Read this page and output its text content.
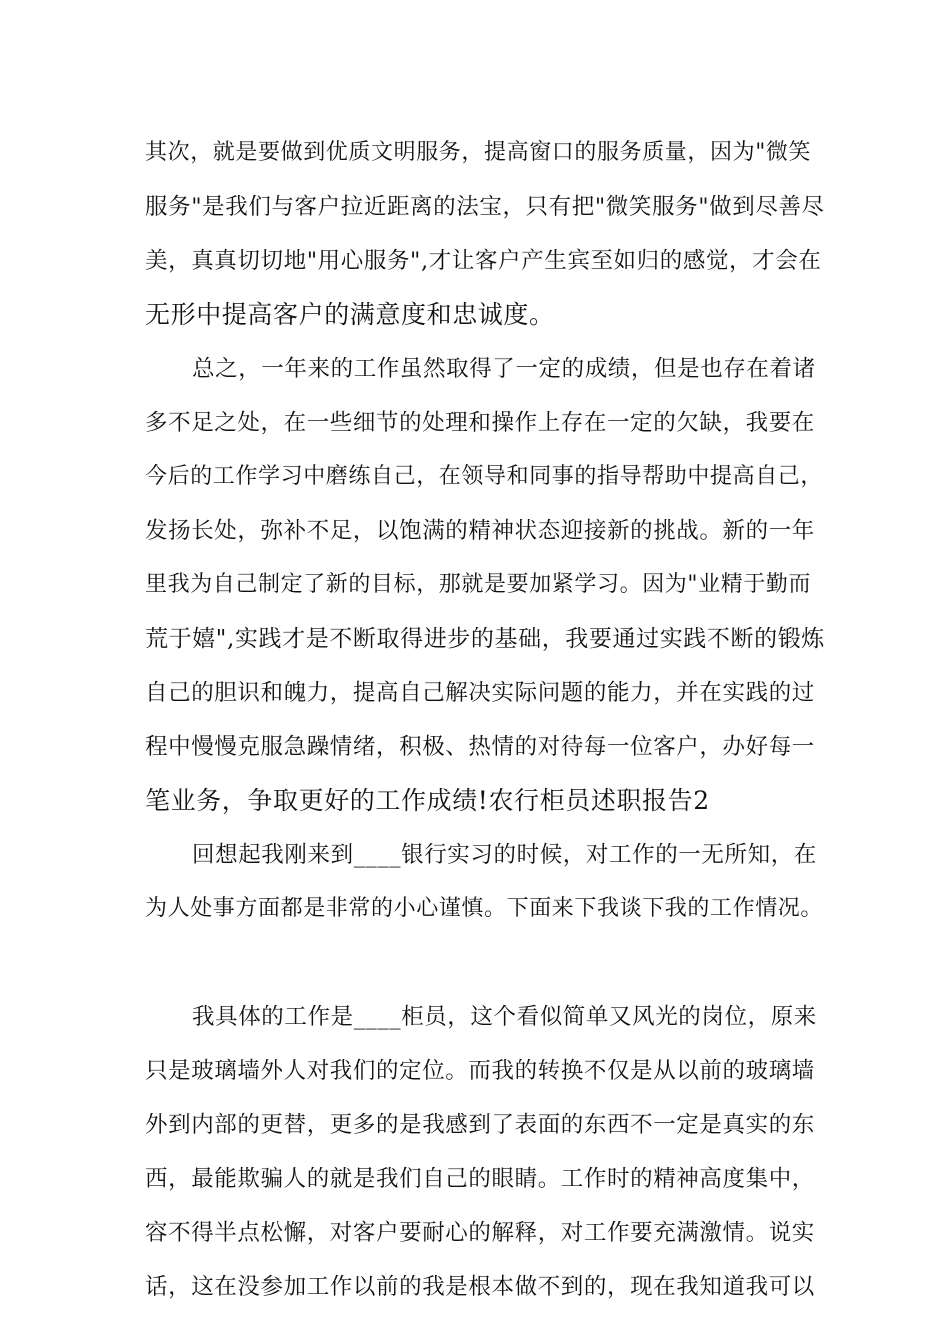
其次，就是要做到优质文明服务，提高窗口的服务质量，因为"微笑
服务"是我们与客户拉近距离的法宝，只有把"微笑服务"做到尽善尽
美，真真切切地"用心服务",才让客户产生宾至如归的感觉，才会在
无形中提高客户的满意度和忠诚度。
总之，一年来的工作虽然取得了一定的成绩，但是也存在着诸
多不足之处，在一些细节的处理和操作上存在一定的欠缺，我要在
今后的工作学习中磨练自己，在领导和同事的指导帮助中提高自己，
发扬长处，弥补不足，以饱满的精神状态迎接新的挑战。新的一年
里我为自己制定了新的目标，那就是要加紧学习。因为"业精于勤而
荒于嬉",实践才是不断取得进步的基础，我要通过实践不断的锻炼
自己的胆识和魄力，提高自己解决实际问题的能力，并在实践的过
程中慢慢克服急躁情绪，积极、热情的对待每一位客户，办好每一
笔业务，争取更好的工作成绩!农行柜员述职报告2
回想起我刚来到____银行实习的时候，对工作的一无所知，在
为人处事方面都是非常的小心谨慎。下面来下我谈下我的工作情况。
我具体的工作是____柜员，这个看似简单又风光的岗位，原来
只是玻璃墙外人对我们的定位。而我的转换不仅是从以前的玻璃墙
外到内部的更替，更多的是我感到了表面的东西不一定是真实的东
西，最能欺骗人的就是我们自己的眼睛。工作时的精神高度集中，
容不得半点松懈，对客户要耐心的解释，对工作要充满激情。说实
话，这在没参加工作以前的我是根本做不到的，现在我知道我可以
